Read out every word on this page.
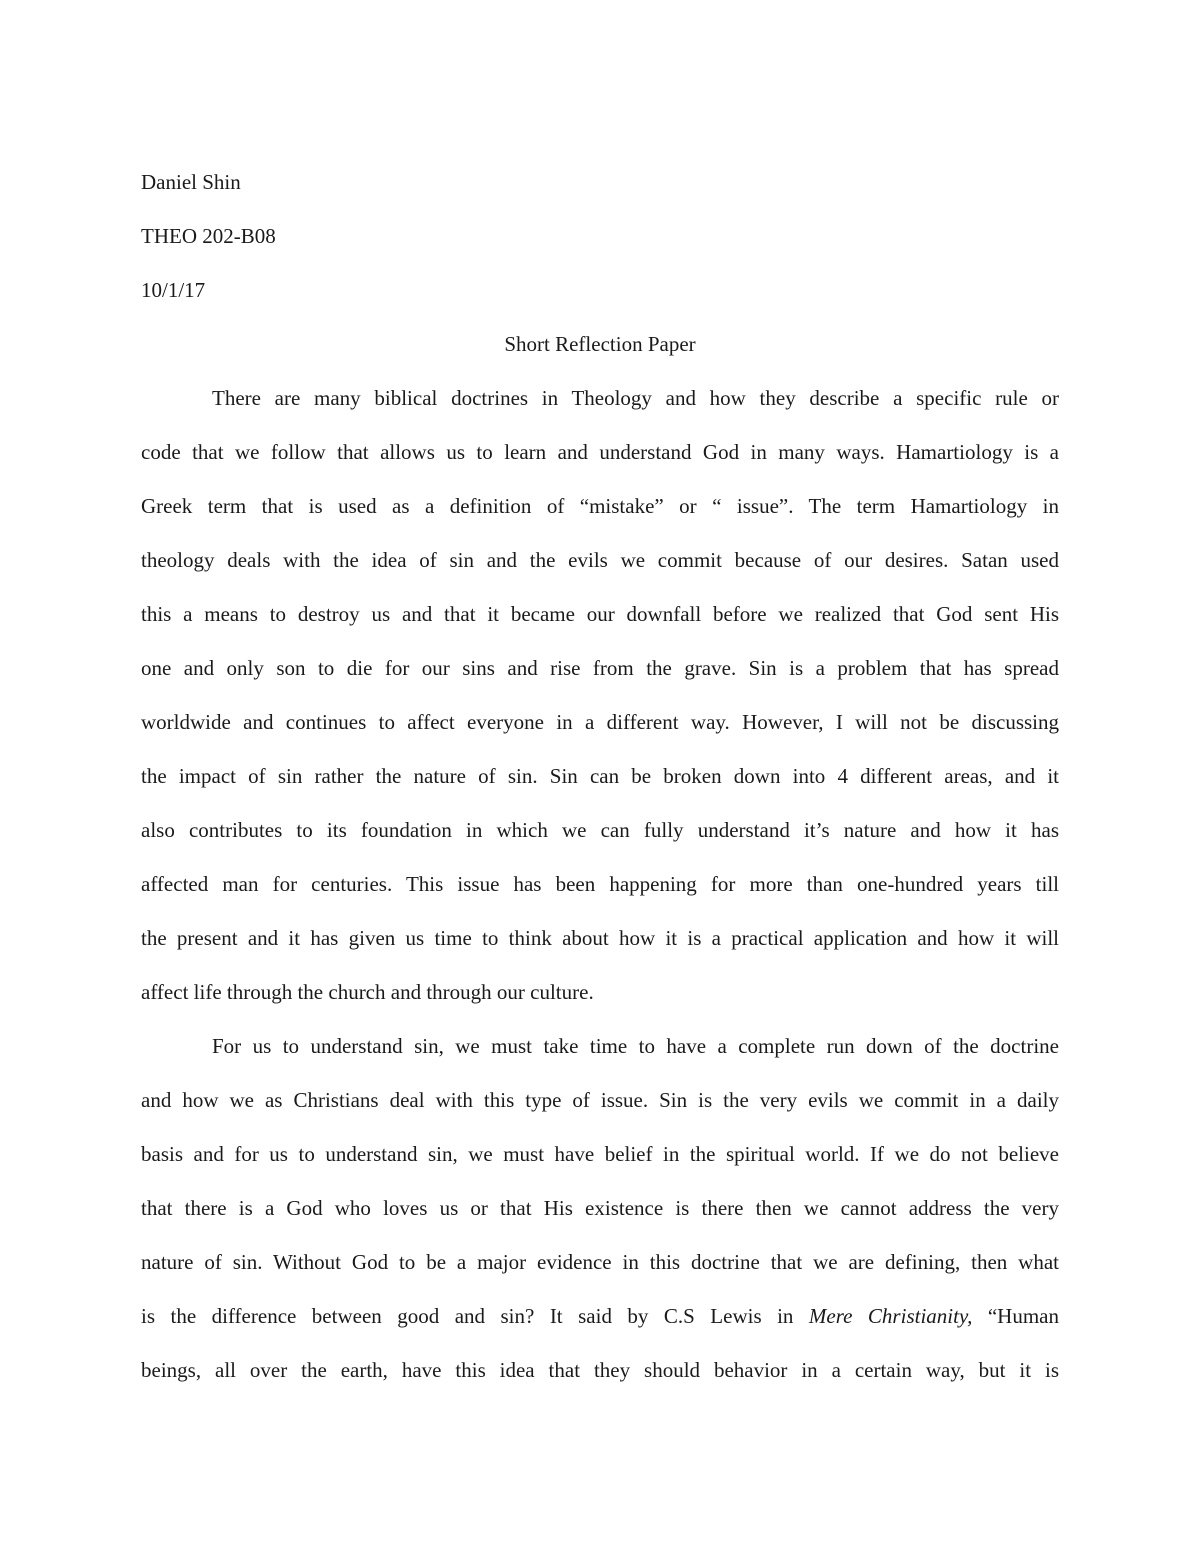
Daniel Shin
THEO 202-B08
10/1/17
Short Reflection Paper
There are many biblical doctrines in Theology and how they describe a specific rule or
code that we follow that allows us to learn and understand God in many ways. Hamartiology is a
Greek term that is used as a definition of “mistake” or “ issue”. The term Hamartiology in
theology deals with the idea of sin and the evils we commit because of our desires. Satan used
this a means to destroy us and that it became our downfall before we realized that God sent His
one and only son to die for our sins and rise from the grave. Sin is a problem that has spread
worldwide and continues to affect everyone in a different way. However, I will not be discussing
the impact of sin rather the nature of sin. Sin can be broken down into 4 different areas, and it
also contributes to its foundation in which we can fully understand it’s nature and how it has
affected man for centuries. This issue has been happening for more than one-hundred years till
the present and it has given us time to think about how it is a practical application and how it will
affect life through the church and through our culture.
For us to understand sin, we must take time to have a complete run down of the doctrine
and how we as Christians deal with this type of issue. Sin is the very evils we commit in a daily
basis and for us to understand sin, we must have belief in the spiritual world. If we do not believe
that there is a God who loves us or that His existence is there then we cannot address the very
nature of sin. Without God to be a major evidence in this doctrine that we are defining, then what
is the difference between good and sin? It said by C.S Lewis in Mere Christianity, “Human
beings, all over the earth, have this idea that they should behavior in a certain way, but it is
